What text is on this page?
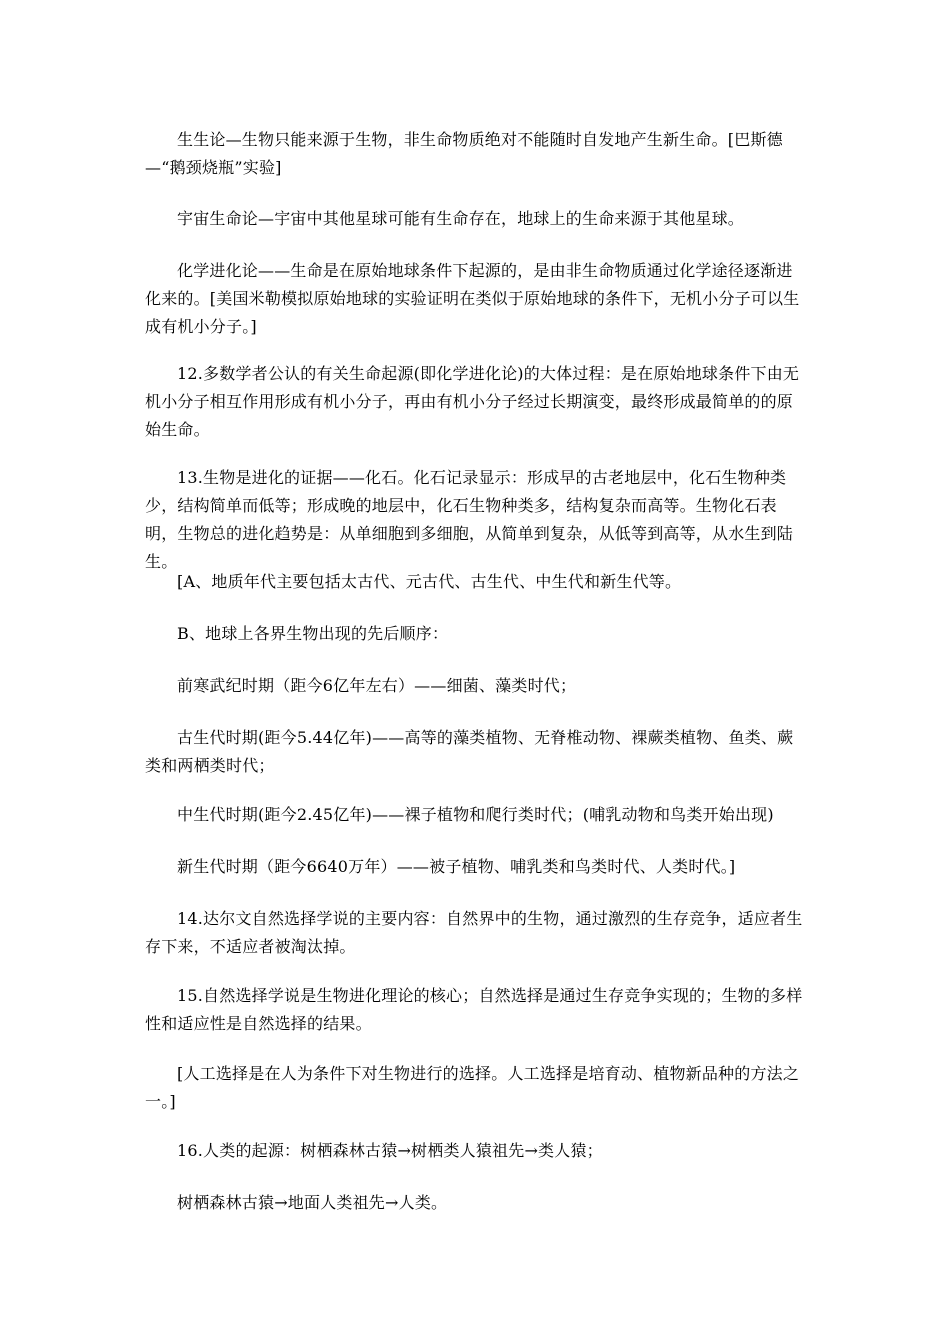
生生论—生物只能来源于生物，非生命物质绝对不能随时自发地产生新生命。[巴斯德—“鹅颈烧瓶”实验]

宇宙生命论—宇宙中其他星球可能有生命存在，地球上的生命来源于其他星球。

化学进化论——生命是在原始地球条件下起源的，是由非生命物质通过化学途径逐渐进化来的。[美国米勒模拟原始地球的实验证明在类似于原始地球的条件下，无机小分子可以生成有机小分子。]

12.多数学者公认的有关生命起源(即化学进化论)的大体过程：是在原始地球条件下由无机小分子相互作用形成有机小分子，再由有机小分子经过长期演变，最终形成最简单的的原始生命。

13.生物是进化的证据——化石。化石记录显示：形成早的古老地层中，化石生物种类少，结构简单而低等；形成晚的地层中，化石生物种类多，结构复杂而高等。生物化石表明，生物总的进化趋势是：从单细胞到多细胞，从简单到复杂，从低等到高等，从水生到陆生。

[A、地质年代主要包括太古代、元古代、古生代、中生代和新生代等。

B、地球上各界生物出现的先后顺序：

前寒武纪时期（距今6亿年左右）——细菌、藻类时代；

古生代时期(距今5.44亿年)——高等的藻类植物、无脊椎动物、裸蕨类植物、鱼类、蕨类和两栖类时代；

中生代时期(距今2.45亿年)——裸子植物和爬行类时代；(哺乳动物和鸟类开始出现)

新生代时期（距今6640万年）——被子植物、哺乳类和鸟类时代、人类时代。]

14.达尔文自然选择学说的主要内容：自然界中的生物，通过激烈的生存竞争，适应者生存下来，不适应者被淘汰掉。

15.自然选择学说是生物进化理论的核心；自然选择是通过生存竞争实现的；生物的多样性和适应性是自然选择的结果。

[人工选择是在人为条件下对生物进行的选择。人工选择是培育动、植物新品种的方法之一。]

16.人类的起源：树栖森林古猿→树栖类人猿祖先→类人猿；

树栖森林古猿→地面人类祖先→人类。
